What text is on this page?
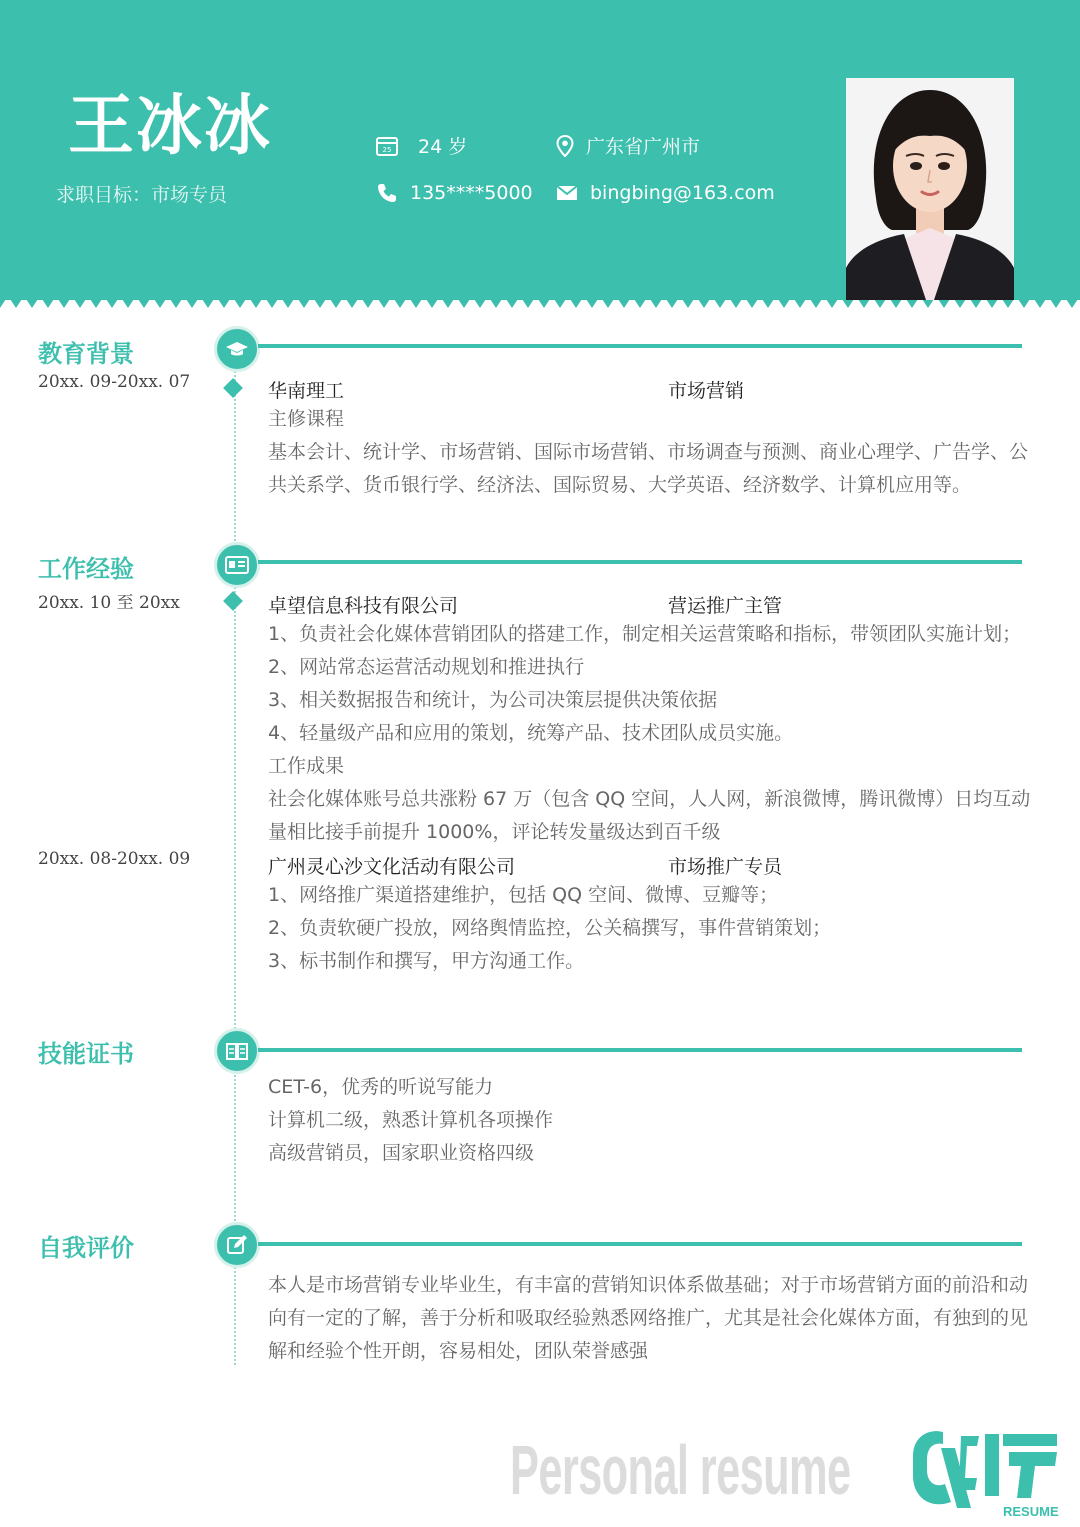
王冰冰
求职目标：市场专员
25 24 岁	广东省广州市
135****5000	bingbing@163.com
教育背景
20xx. 09-20xx. 07	华南理工	市场营销
主修课程
基本会计、统计学、市场营销、国际市场营销、市场调查与预测、商业心理学、广告学、公
共关系学、货币银行学、经济法、国际贸易、大学英语、经济数学、计算机应用等。
工作经验
20xx. 10 至 20xx	卓望信息科技有限公司	营运推广主管
1、负责社会化媒体营销团队的搭建工作，制定相关运营策略和指标，带领团队实施计划；
2、网站常态运营活动规划和推进执行
3、相关数据报告和统计，为公司决策层提供决策依据
4、轻量级产品和应用的策划，统筹产品、技术团队成员实施。
工作成果
社会化媒体账号总共涨粉 67 万（包含 QQ 空间，人人网，新浪微博，腾讯微博）日均互动
量相比接手前提升 1000%，评论转发量级达到百千级
20xx. 08-20xx. 09	广州灵心沙文化活动有限公司	市场推广专员
1、网络推广渠道搭建维护，包括 QQ 空间、微博、豆瓣等；
2、负责软硬广投放，网络舆情监控，公关稿撰写，事件营销策划；
3、标书制作和撰写，甲方沟通工作。
技能证书
CET-6，优秀的听说写能力
计算机二级，熟悉计算机各项操作
高级营销员，国家职业资格四级
自我评价
本人是市场营销专业毕业生，有丰富的营销知识体系做基础；对于市场营销方面的前沿和动
向有一定的了解，善于分析和吸取经验熟悉网络推广，尤其是社会化媒体方面，有独到的见
解和经验个性开朗，容易相处，团队荣誉感强
Personal resume
RESUME
